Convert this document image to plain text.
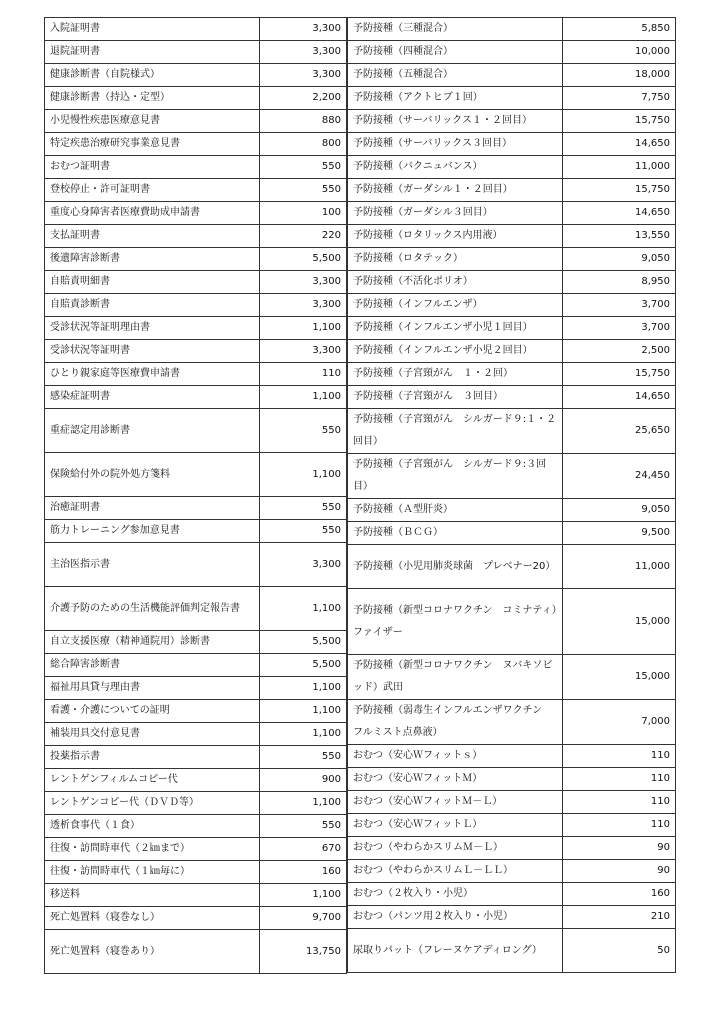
入院証明書	3,300
退院証明書	3,300
健康診断書（自院様式）	3,300
健康診断書（持込・定型）	2,200
小児慢性疾患医療意見書	880
特定疾患治療研究事業意見書	800
おむつ証明書	550
登校停止・許可証明書	550
重度心身障害者医療費助成申請書	100
支払証明書	220
後遺障害診断書	5,500
自賠責明細書	3,300
自賠責診断書	3,300
受診状況等証明理由書	1,100
受診状況等証明書	3,300
ひとり親家庭等医療費申請書	110
感染症証明書	1,100
重症認定用診断書	550
保険給付外の院外処方箋料	1,100
治癒証明書	550
筋力トレーニング参加意見書	550
主治医指示書	3,300
介護予防のための生活機能評価判定報告書	1,100
自立支援医療（精神通院用）診断書	5,500
総合障害診断書	5,500
福祉用具貸与理由書	1,100
看護・介護についての証明	1,100
補装用具交付意見書	1,100
投薬指示書	550
レントゲンフィルムコピー代	900
レントゲンコピー代（ＤＶＤ等）	1,100
透析食事代（１食）	550
往復・訪問時車代（２㎞まで）	670
往復・訪問時車代（１㎞毎に）	160
移送料	1,100
死亡処置料（寝巻なし）	9,700
死亡処置料（寝巻あり）	13,750
予防接種（三種混合）	5,850
予防接種（四種混合）	10,000
予防接種（五種混合）	18,000
予防接種（アクトヒブ１回）	7,750
予防接種（サーバリックス１・２回目）	15,750
予防接種（サーバリックス３回目）	14,650
予防接種（バクニュバンス）	11,000
予防接種（ガーダシル１・２回目）	15,750
予防接種（ガーダシル３回目）	14,650
予防接種（ロタリックス内用液）	13,550
予防接種（ロタテック）	9,050
予防接種（不活化ポリオ）	8,950
予防接種（インフルエンザ）	3,700
予防接種（インフルエンザ小児１回目）	3,700
予防接種（インフルエンザ小児２回目）	2,500
予防接種（子宮頸がん　１・２回）	15,750
予防接種（子宮頸がん　３回目）	14,650
予防接種（子宮頸がん　シルガード９:１・２回目）	25,650
予防接種（子宮頸がん　シルガード９:３回目）	24,450
予防接種（Ａ型肝炎）	9,050
予防接種（ＢＣＧ）	9,500
予防接種（小児用肺炎球菌　プレベナー20）	11,000
予防接種（新型コロナワクチン　コミナティ）ファイザー	15,000
予防接種（新型コロナワクチン　ヌバキソビッド）武田	15,000
予防接種（弱毒生インフルエンザワクチン　 フルミスト点鼻液）	7,000
おむつ（安心Ｗフィットｓ）	110
おむつ（安心ＷフィットＭ）	110
おむつ（安心ＷフィットＭ－Ｌ）	110
おむつ（安心ＷフィットＬ）	110
おむつ（やわらかスリムＭ－Ｌ）	90
おむつ（やわらかスリムＬ－ＬＬ）	90
おむつ（２枚入り・小児）	160
おむつ（パンツ用２枚入り・小児）	210
尿取りパット（フレーヌケアディロング）	50
